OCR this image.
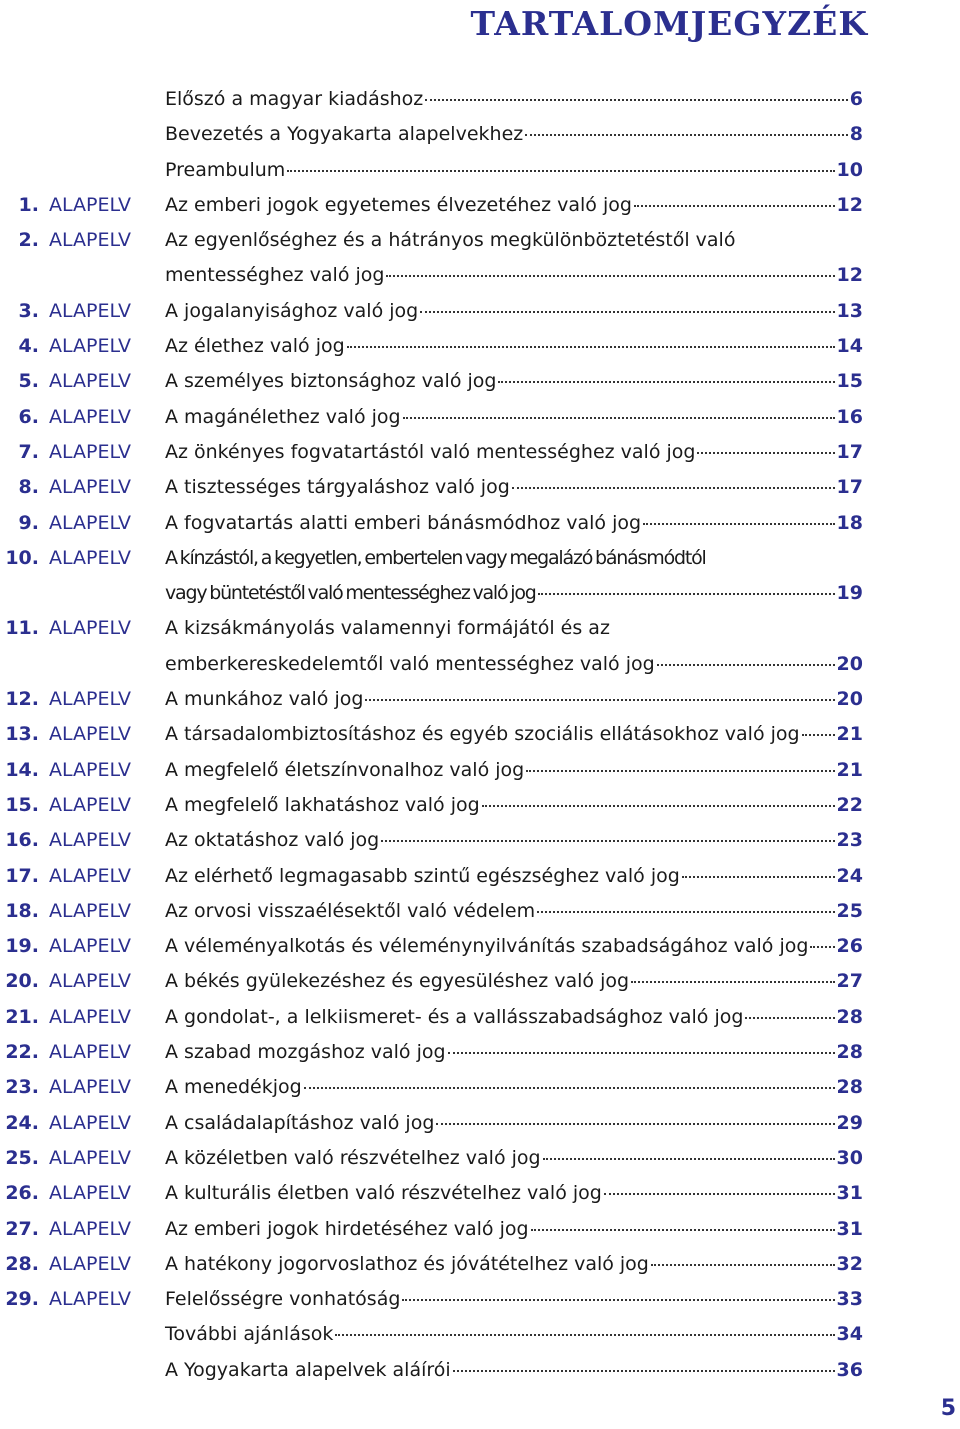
TARTALOMJEGYZÉK
Előszó a magyar kiadáshoz	6
Bevezetés a Yogyakarta alapelvekhez	8
Preambulum	10
1. ALAPELV Az emberi jogok egyetemes élvezetéhez való jog	12
2. ALAPELV Az egyenlőséghez és a hátrányos megkülönböztetéstől való
mentességhez való jog	12
3. ALAPELV A jogalanyisághoz való jog	13
4. ALAPELV Az élethez való jog	14
5. ALAPELV A személyes biztonsághoz való jog	15
6. ALAPELV A magánélethez való jog	16
7. ALAPELV Az önkényes fogvatartástól való mentességhez való jog	17
8. ALAPELV A tisztességes tárgyaláshoz való jog	17
9. ALAPELV A fogvatartás alatti emberi bánásmódhoz való jog	18
10. ALAPELV A kínzástól, a kegyetlen, embertelen vagy megalázó bánásmódtól
vagy büntetéstől való mentességhez való jog	19
11. ALAPELV A kizsákmányolás valamennyi formájától és az
emberkereskedelemtől való mentességhez való jog	20
12. ALAPELV A munkához való jog	20
13. ALAPELV A társadalombiztosításhoz és egyéb szociális ellátásokhoz való jog 21
14. ALAPELV A megfelelő életszínvonalhoz való jog	21
15. ALAPELV A megfelelő lakhatáshoz való jog	22
16. ALAPELV Az oktatáshoz való jog	23
17. ALAPELV Az elérhető legmagasabb szintű egészséghez való jog	24
18. ALAPELV Az orvosi visszaélésektől való védelem	25
19. ALAPELV A véleményalkotás és véleménynyilvánítás szabadságához való jog 26
20. ALAPELV A békés gyülekezéshez és egyesüléshez való jog	27
21. ALAPELV A gondolat-, a lelkiismeret- és a vallásszabadsághoz való jog	28
22. ALAPELV A szabad mozgáshoz való jog	28
23. ALAPELV A menedékjog	28
24. ALAPELV A családalapításhoz való jog	29
25. ALAPELV A közéletben való részvételhez való jog	30
26. ALAPELV A kulturális életben való részvételhez való jog	31
27. ALAPELV Az emberi jogok hirdetéséhez való jog	31
28. ALAPELV A hatékony jogorvoslathoz és jóvátételhez való jog	32
29. ALAPELV Felelősségre vonhatóság	33
További ajánlások	34
A Yogyakarta alapelvek aláírói	36
5
